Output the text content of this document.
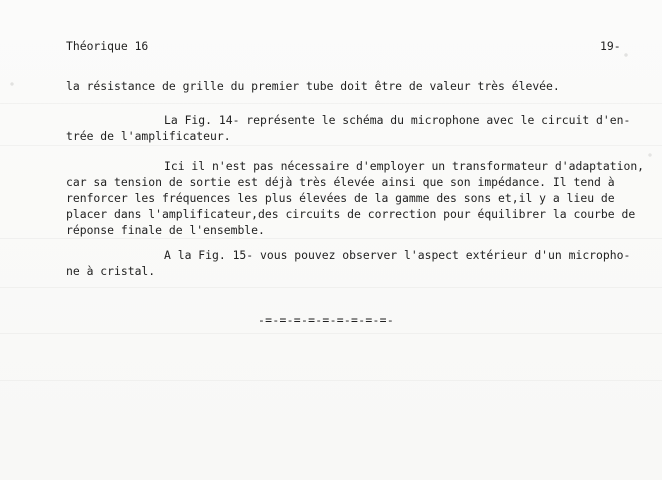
Théorique 16	19-
la résistance de grille du premier tube doit être de valeur très élevée.
La Fig. 14- représente le schéma du microphone avec le circuit d'en-
trée de l'amplificateur.
Ici il n'est pas nécessaire d'employer un transformateur d'adaptation,
car sa tension de sortie est déjà très élevée ainsi que son impédance. Il tend à
renforcer les fréquences les plus élevées de la gamme des sons et,il y a lieu de
placer dans l'amplificateur,des circuits de correction pour équilibrer la courbe de
réponse finale de l'ensemble.
A la Fig. 15- vous pouvez observer l'aspect extérieur d'un micropho-
ne à cristal.
-=-=-=-=-=-=-=-=-=-
